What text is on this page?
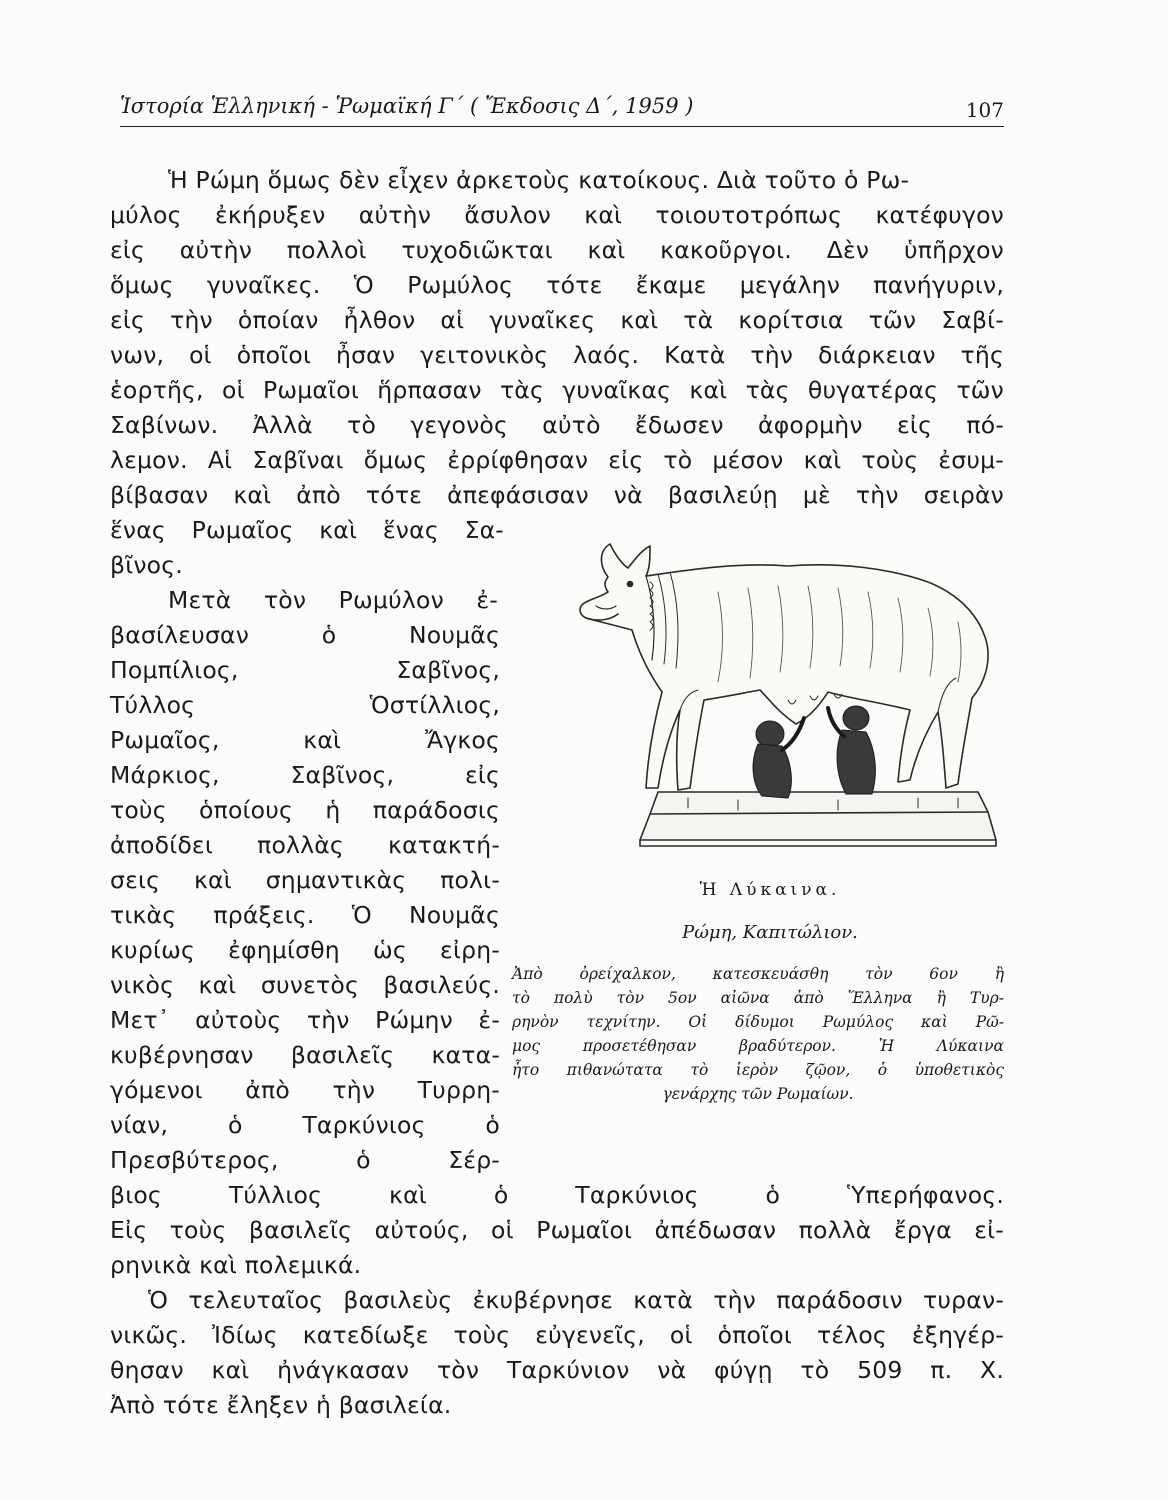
Ἱστορία Ἑλληνική - Ῥωμαϊκή Γ΄ ( Ἔκδοσις Δ΄, 1959 )	107
Ἡ Ρώμη ὅμως δὲν εἶχεν ἀρκετοὺς κατοίκους. Διὰ τοῦτο ὁ Ρω-
μύλος ἐκήρυξεν αὐτὴν ἄσυλον καὶ τοιουτοτρόπως κατέφυγον
εἰς αὐτὴν πολλοὶ τυχοδιῶκται καὶ κακοῦργοι. Δὲν ὑπῆρχον
ὅμως γυναῖκες. Ὁ Ρωμύλος τότε ἔκαμε μεγάλην πανήγυριν,
εἰς τὴν ὁποίαν ἦλθον αἱ γυναῖκες καὶ τὰ κορίτσια τῶν Σαβί-
νων, οἱ ὁποῖοι ἦσαν γειτονικὸς λαός. Κατὰ τὴν διάρκειαν τῆς
ἑορτῆς, οἱ Ρωμαῖοι ἥρπασαν τὰς γυναῖκας καὶ τὰς θυγατέρας τῶν
Σαβίνων. Ἀλλὰ τὸ γεγονὸς αὐτὸ ἔδωσεν ἀφορμὴν εἰς πό-
λεμον. Αἱ Σαβῖναι ὅμως ἐρρίφθησαν εἰς τὸ μέσον καὶ τοὺς ἐσυμ-
βίβασαν καὶ ἀπὸ τότε ἀπεφάσισαν νὰ βασιλεύῃ μὲ τὴν σειρὰν
ἕνας Ρωμαῖος καὶ ἕνας Σα-
βῖνος.
Μετὰ τὸν Ρωμύλον ἐ-
βασίλευσαν ὁ Νουμᾶς
Πομπίλιος, Σαβῖνος,
Τύλλος Ὁστίλλιος,
Ρωμαῖος, καὶ Ἄγκος
Μάρκιος, Σαβῖνος, εἰς
τοὺς ὁποίους ἡ παράδοσις
ἀποδίδει πολλὰς κατακτή-
σεις καὶ σημαντικὰς πολι-
τικὰς πράξεις. Ὁ Νουμᾶς
κυρίως ἐφημίσθη ὡς εἰρη-
νικὸς καὶ συνετὸς βασιλεύς.
Μετ᾽ αὐτοὺς τὴν Ρώμην ἐ-
κυβέρνησαν βασιλεῖς κατα-
γόμενοι ἀπὸ τὴν Τυρρη-
νίαν, ὁ Ταρκύνιος ὁ
Πρεσβύτερος, ὁ Σέρ-
Ἡ Λύκαινα.
Ρώμη, Καπιτώλιον.
Ἀπὸ ὀρείχαλκον, κατεσκευάσθη τὸν 6ον ἢ
τὸ πολὺ τὸν 5ον αἰῶνα ἀπὸ Ἕλληνα ἢ Τυρ-
ρηνὸν τεχνίτην. Οἱ δίδυμοι Ρωμύλος καὶ Ρῶ-
μος προσετέθησαν βραδύτερον. Ἡ Λύκαινα
ἦτο πιθανώτατα τὸ ἱερὸν ζῷον, ὁ ὑποθετικὸς
γενάρχης τῶν Ρωμαίων.
βιος Τύλλιος καὶ ὁ Ταρκύνιος ὁ Ὑπερήφανος.
Εἰς τοὺς βασιλεῖς αὐτούς, οἱ Ρωμαῖοι ἀπέδωσαν πολλὰ ἔργα εἰ-
ρηνικὰ καὶ πολεμικά.
Ὁ τελευταῖος βασιλεὺς ἐκυβέρνησε κατὰ τὴν παράδοσιν τυραν-
νικῶς. Ἰδίως κατεδίωξε τοὺς εὐγενεῖς, οἱ ὁποῖοι τέλος ἐξηγέρ-
θησαν καὶ ἠνάγκασαν τὸν Ταρκύνιον νὰ φύγῃ τὸ 509 π. Χ.
Ἀπὸ τότε ἔληξεν ἡ βασιλεία.
